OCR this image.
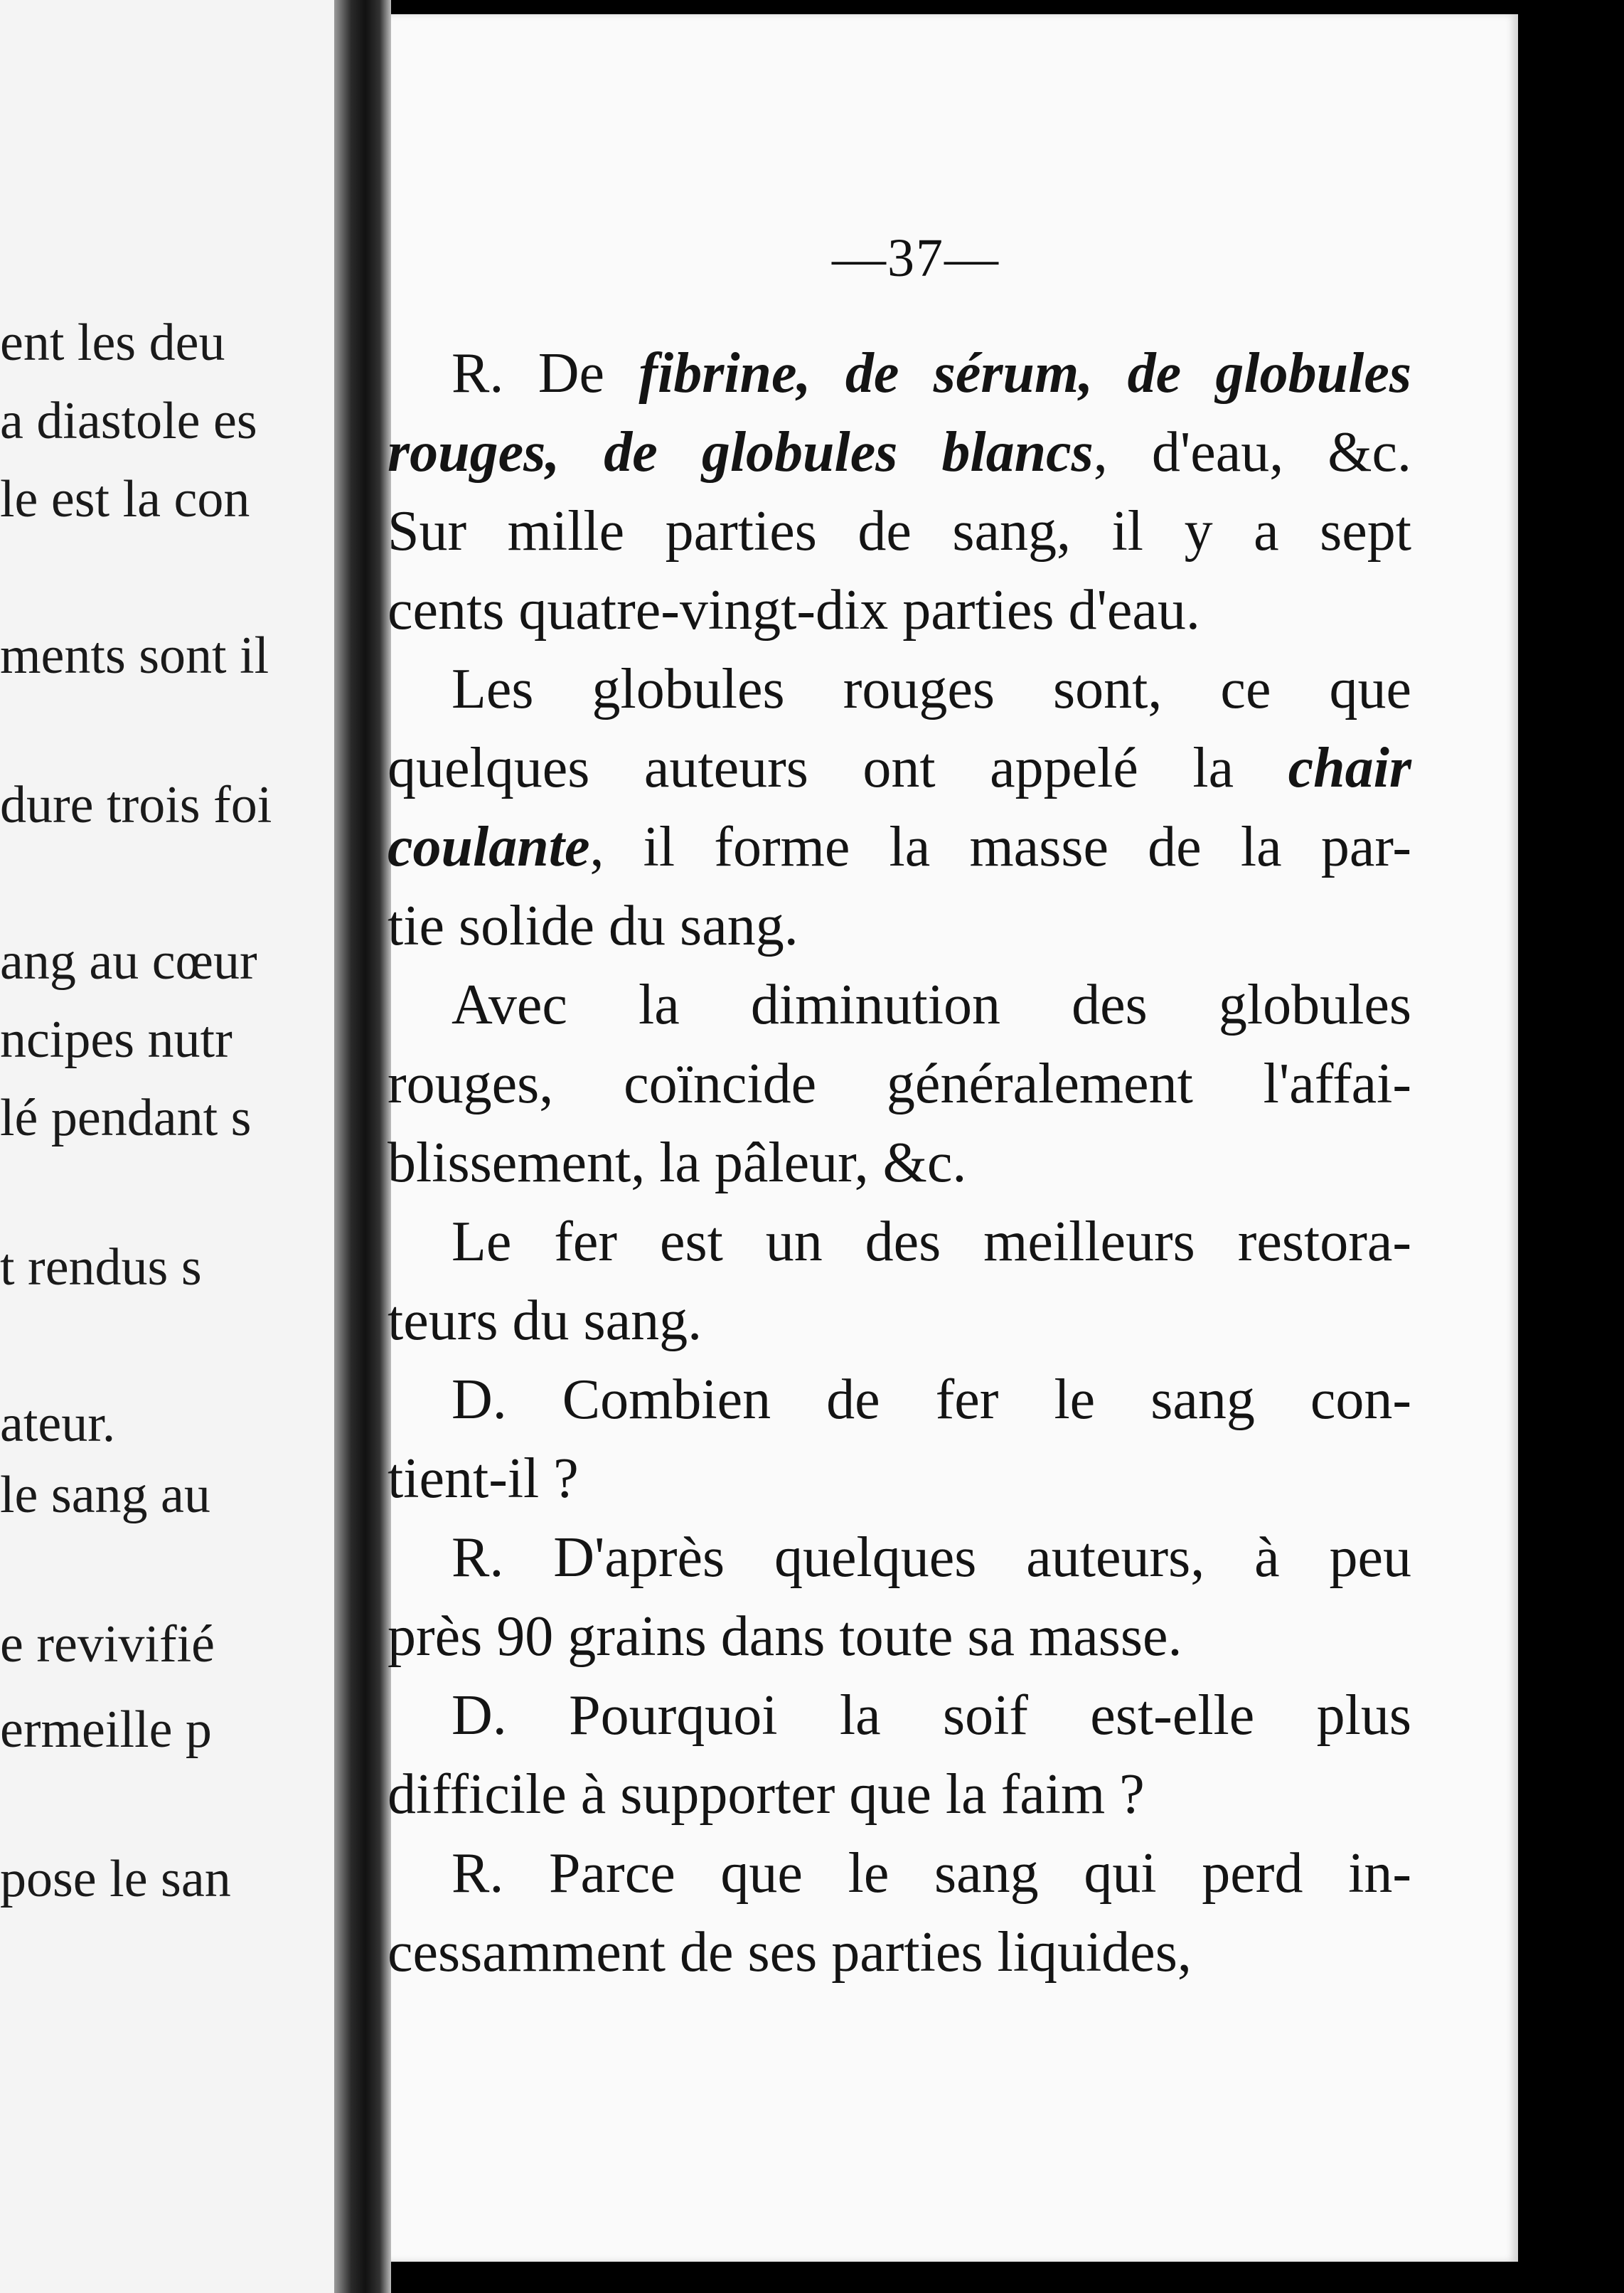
ent les deu
a diastole es
le est la con
ments sont il
dure trois foi
ang au cœur
ncipes nutr
lé pendant s
t rendus s
ateur.
le sang au
e revivifié
ermeille p
pose le san
—37—
R. De fibrine, de sérum, de globules
rouges, de globules blancs, d'eau, &c.
Sur mille parties de sang, il y a sept
cents quatre-vingt-dix parties d'eau.
Les globules rouges sont, ce que
quelques auteurs ont appelé la chair
coulante, il forme la masse de la par-
tie solide du sang.
Avec la diminution des globules
rouges, coïncide généralement l'affai-
blissement, la pâleur, &c.
Le fer est un des meilleurs restora-
teurs du sang.
D. Combien de fer le sang con-
tient-il ?
R. D'après quelques auteurs, à peu
près 90 grains dans toute sa masse.
D. Pourquoi la soif est-elle plus
difficile à supporter que la faim ?
R. Parce que le sang qui perd in-
cessamment de ses parties liquides,
